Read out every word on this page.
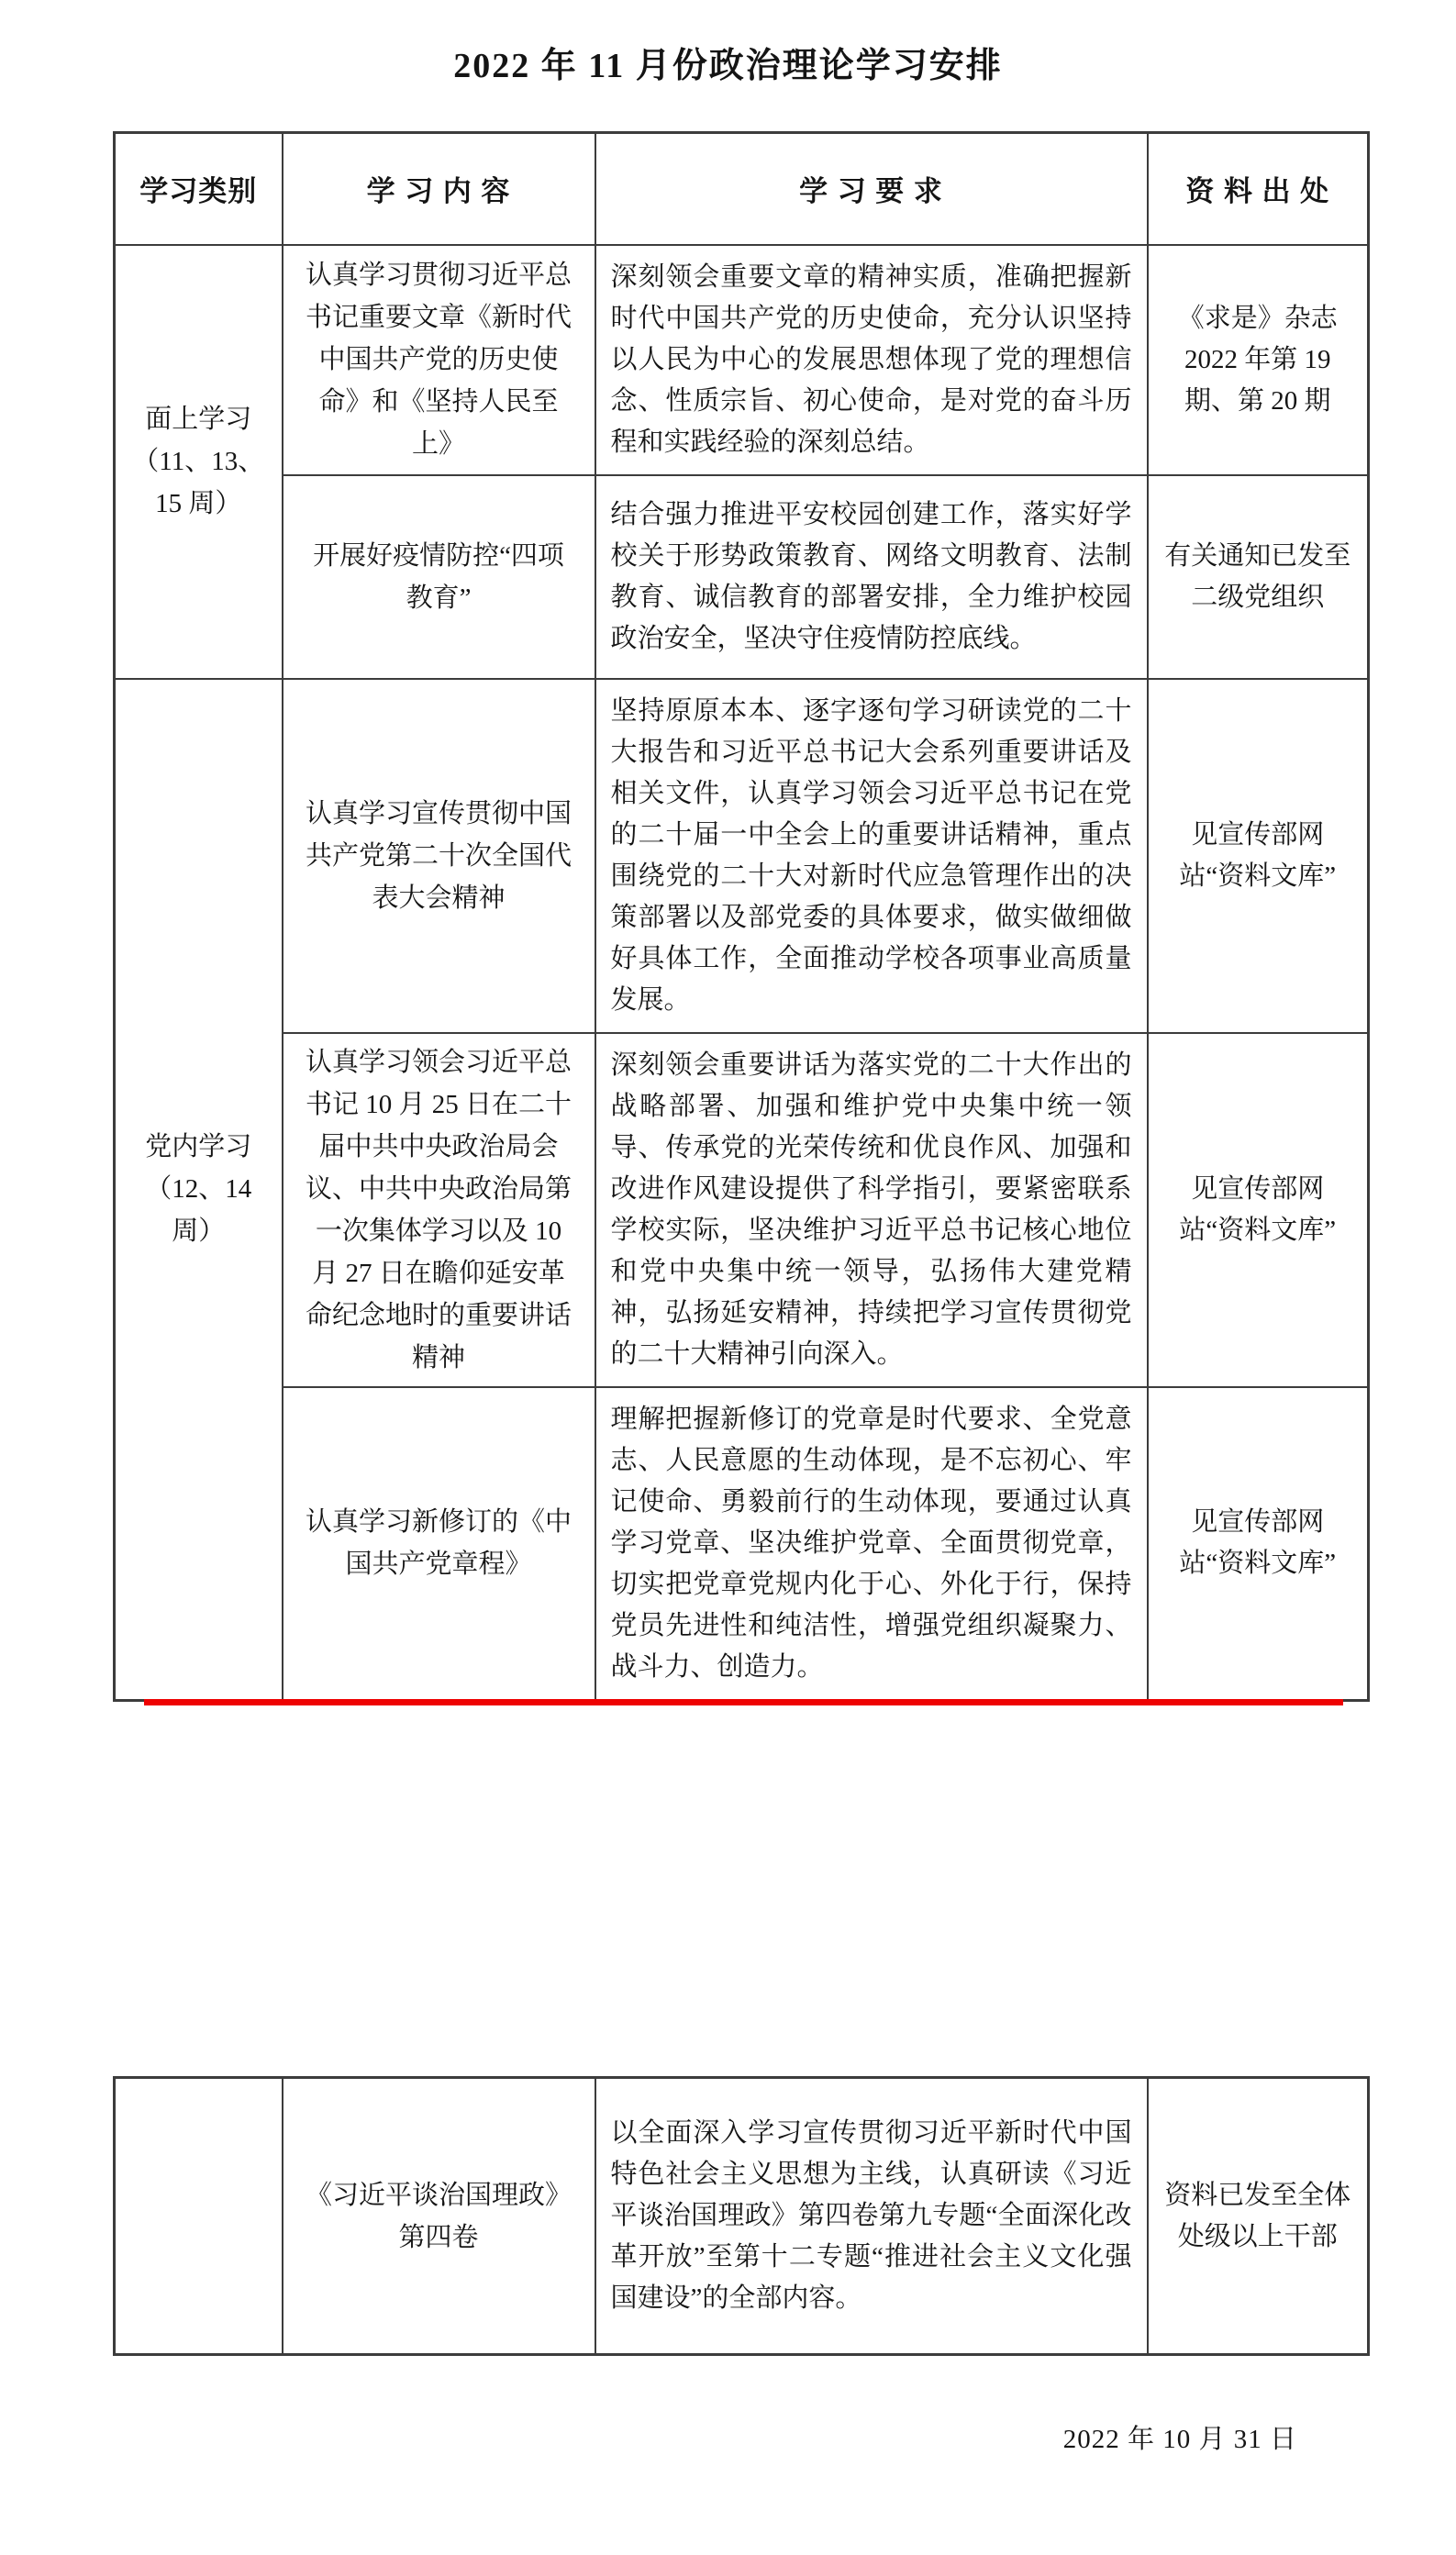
2022 年 11 月份政治理论学习安排
学习类别	学 习 内 容	学 习 要 求	资 料 出 处
面上学习（11、13、15 周）	认真学习贯彻习近平总书记重要文章《新时代中国共产党的历史使命》和《坚持人民至上》	深刻领会重要文章的精神实质，准确把握新时代中国共产党的历史使命，充分认识坚持以人民为中心的发展思想体现了党的理想信念、性质宗旨、初心使命，是对党的奋斗历程和实践经验的深刻总结。	《求是》杂志 2022 年第 19 期、第 20 期
	开展好疫情防控“四项教育”	结合强力推进平安校园创建工作，落实好学校关于形势政策教育、网络文明教育、法制教育、诚信教育的部署安排，全力维护校园政治安全，坚决守住疫情防控底线。	有关通知已发至二级党组织
党内学习（12、14 周）	认真学习宣传贯彻中国共产党第二十次全国代表大会精神	坚持原原本本、逐字逐句学习研读党的二十大报告和习近平总书记大会系列重要讲话及相关文件，认真学习领会习近平总书记在党的二十届一中全会上的重要讲话精神，重点围绕党的二十大对新时代应急管理作出的决策部署以及部党委的具体要求，做实做细做好具体工作，全面推动学校各项事业高质量发展。	见宣传部网站“资料文库”
	认真学习领会习近平总书记 10 月 25 日在二十届中共中央政治局会议、中共中央政治局第一次集体学习以及 10 月 27 日在瞻仰延安革命纪念地时的重要讲话精神	深刻领会重要讲话为落实党的二十大作出的战略部署、加强和维护党中央集中统一领导、传承党的光荣传统和优良作风、加强和改进作风建设提供了科学指引，要紧密联系学校实际，坚决维护习近平总书记核心地位和党中央集中统一领导，弘扬伟大建党精神，弘扬延安精神，持续把学习宣传贯彻党的二十大精神引向深入。	见宣传部网站“资料文库”
	认真学习新修订的《中国共产党章程》	理解把握新修订的党章是时代要求、全党意志、人民意愿的生动体现，是不忘初心、牢记使命、勇毅前行的生动体现，要通过认真学习党章、坚决维护党章、全面贯彻党章，切实把党章党规内化于心、外化于行，保持党员先进性和纯洁性，增强党组织凝聚力、战斗力、创造力。	见宣传部网站“资料文库”
	《习近平谈治国理政》第四卷	以全面深入学习宣传贯彻习近平新时代中国特色社会主义思想为主线，认真研读《习近平谈治国理政》第四卷第九专题“全面深化改革开放”至第十二专题“推进社会主义文化强国建设”的全部内容。	资料已发至全体处级以上干部
2022 年 10 月 31 日
